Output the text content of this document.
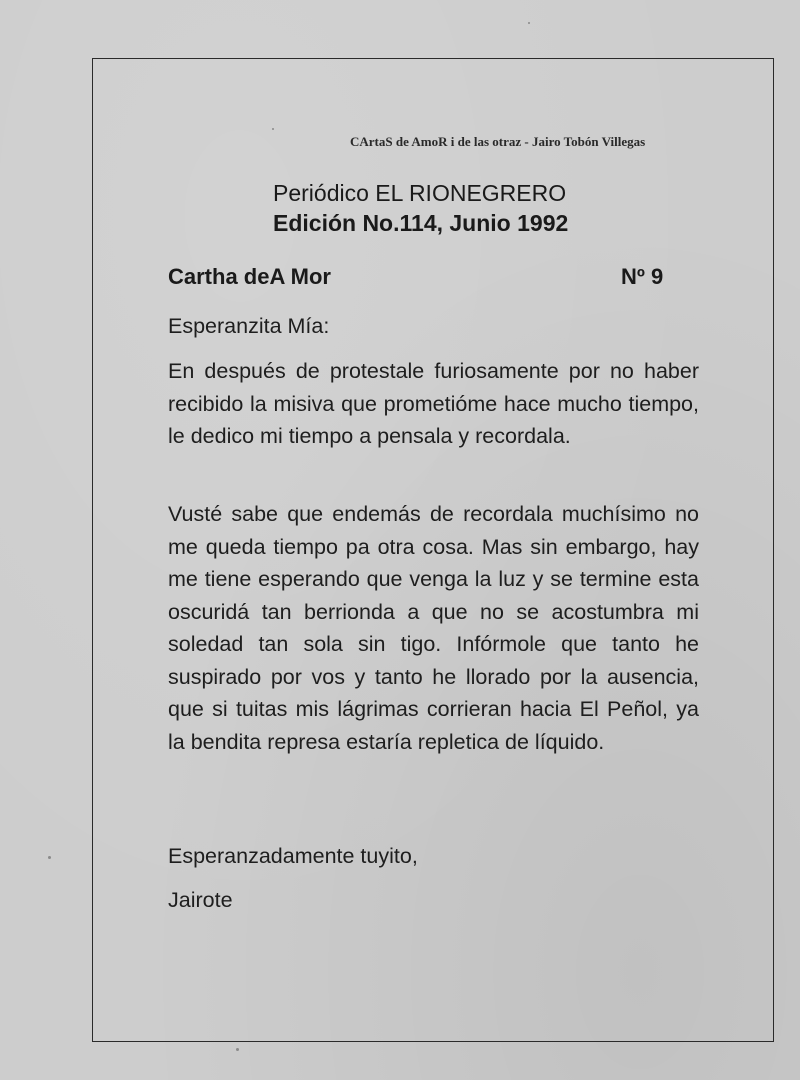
CArtaS de AmoR i de las otraz - Jairo Tobón Villegas
Periódico EL RIONEGRERO
Edición No.114, Junio 1992
Cartha deA Mor	Nº 9

Esperanzita Mía:

En después de protestale furiosamente por no haber recibido la misiva que prometióme hace mucho tiempo, le dedico mi tiempo a pensala y recordala.

Vusté sabe que endemás de recordala muchísimo no me queda tiempo pa otra cosa. Mas sin embargo, hay me tiene esperando que venga la luz y se termine esta oscuridá tan berrionda a que no se acostumbra mi soledad tan sola sin tigo. Infórmole que tanto he suspirado por vos y tanto he llorado por la ausencia, que si tuitas mis lágrimas corrieran hacia El Peñol, ya la bendita represa estaría repletica de líquido.

Esperanzadamente tuyito,

Jairote
